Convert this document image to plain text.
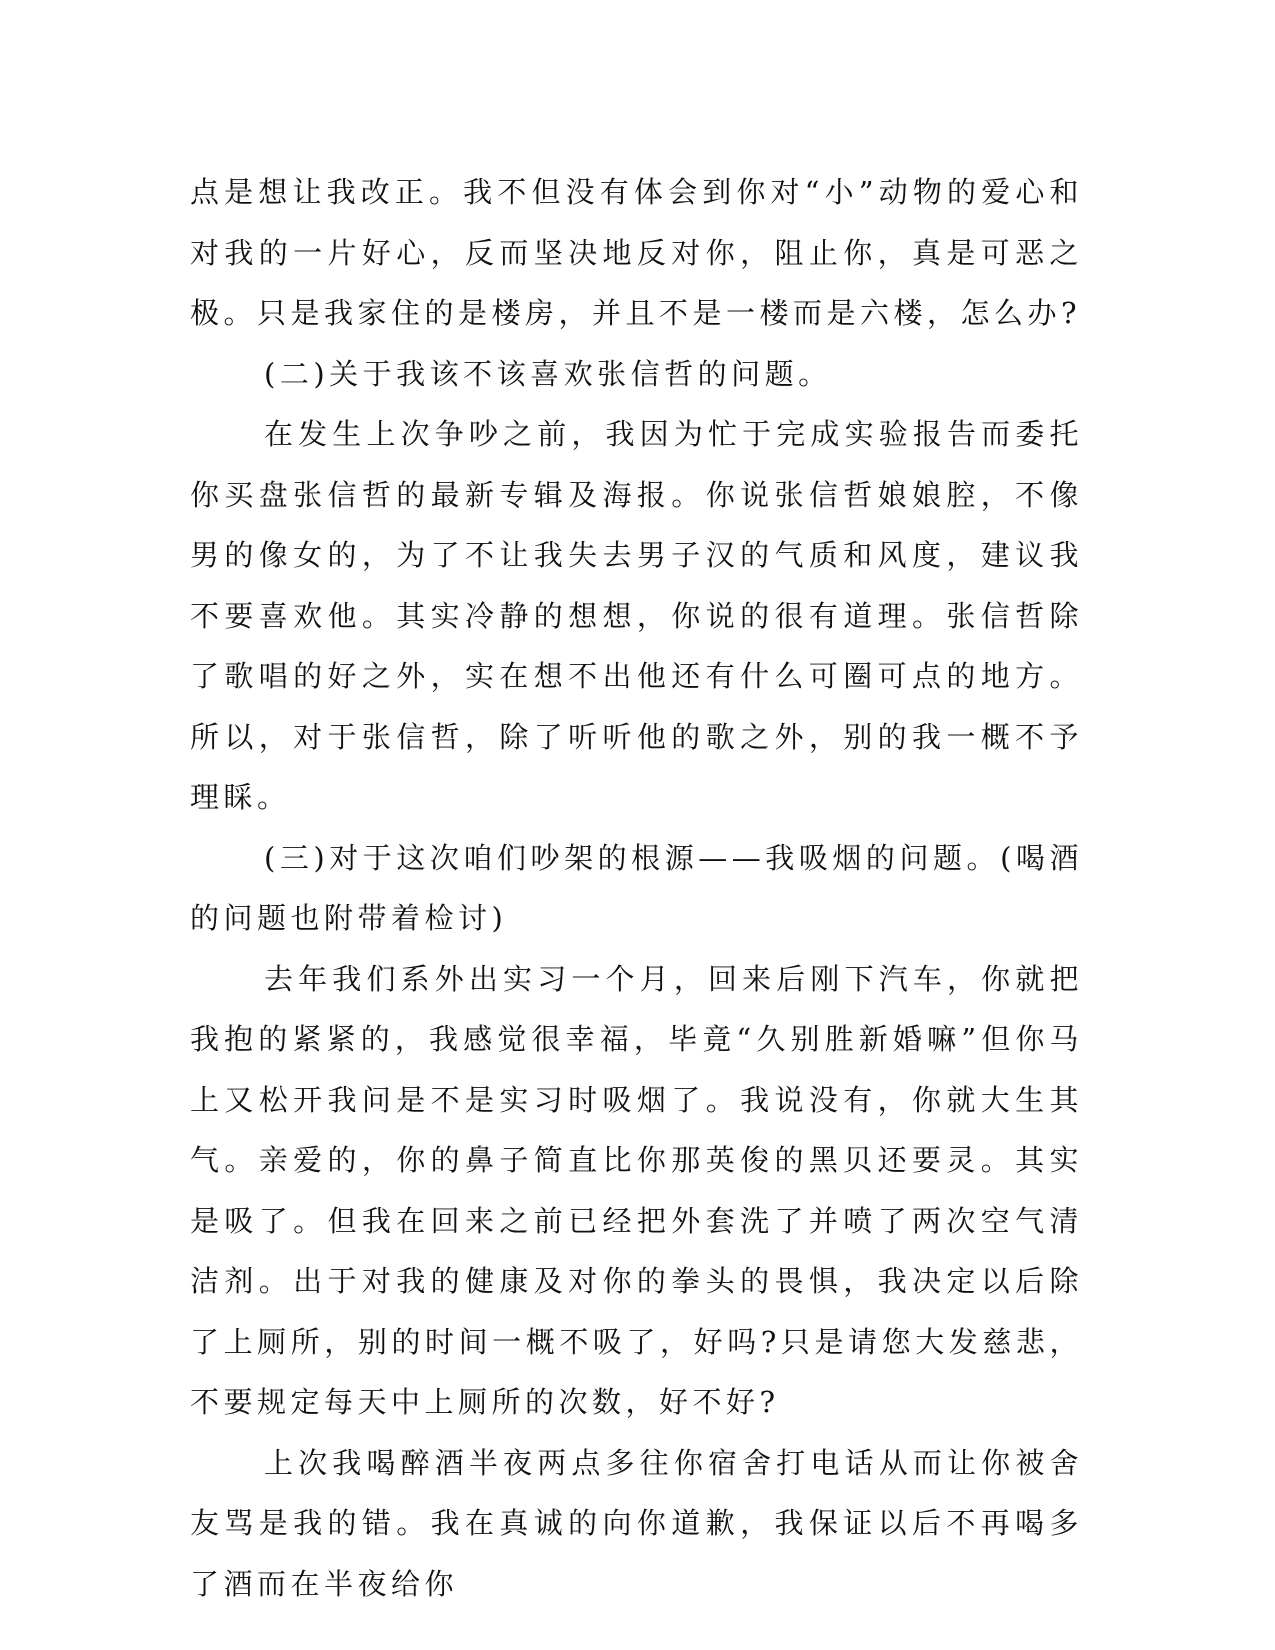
点是想让我改正。我不但没有体会到你对“小”动物的爱心和对我的一片好心，反而坚决地反对你，阻止你，真是可恶之极。只是我家住的是楼房，并且不是一楼而是六楼，怎么办?

(二)关于我该不该喜欢张信哲的问题。

在发生上次争吵之前，我因为忙于完成实验报告而委托你买盘张信哲的最新专辑及海报。你说张信哲娘娘腔，不像男的像女的，为了不让我失去男子汉的气质和风度，建议我不要喜欢他。其实冷静的想想，你说的很有道理。张信哲除了歌唱的好之外，实在想不出他还有什么可圈可点的地方。所以，对于张信哲，除了听听他的歌之外，别的我一概不予理睬。

(三)对于这次咱们吵架的根源——我吸烟的问题。(喝酒的问题也附带着检讨)

去年我们系外出实习一个月，回来后刚下汽车，你就把我抱的紧紧的，我感觉很幸福，毕竟“久别胜新婚嘛”但你马上又松开我问是不是实习时吸烟了。我说没有，你就大生其气。亲爱的，你的鼻子简直比你那英俊的黑贝还要灵。其实是吸了。但我在回来之前已经把外套洗了并喷了两次空气清洁剂。出于对我的健康及对你的拳头的畏惧，我决定以后除了上厕所，别的时间一概不吸了，好吗?只是请您大发慈悲，不要规定每天中上厕所的次数，好不好?

上次我喝醉酒半夜两点多往你宿舍打电话从而让你被舍友骂是我的错。我在真诚的向你道歉，我保证以后不再喝多了酒而在半夜给你
